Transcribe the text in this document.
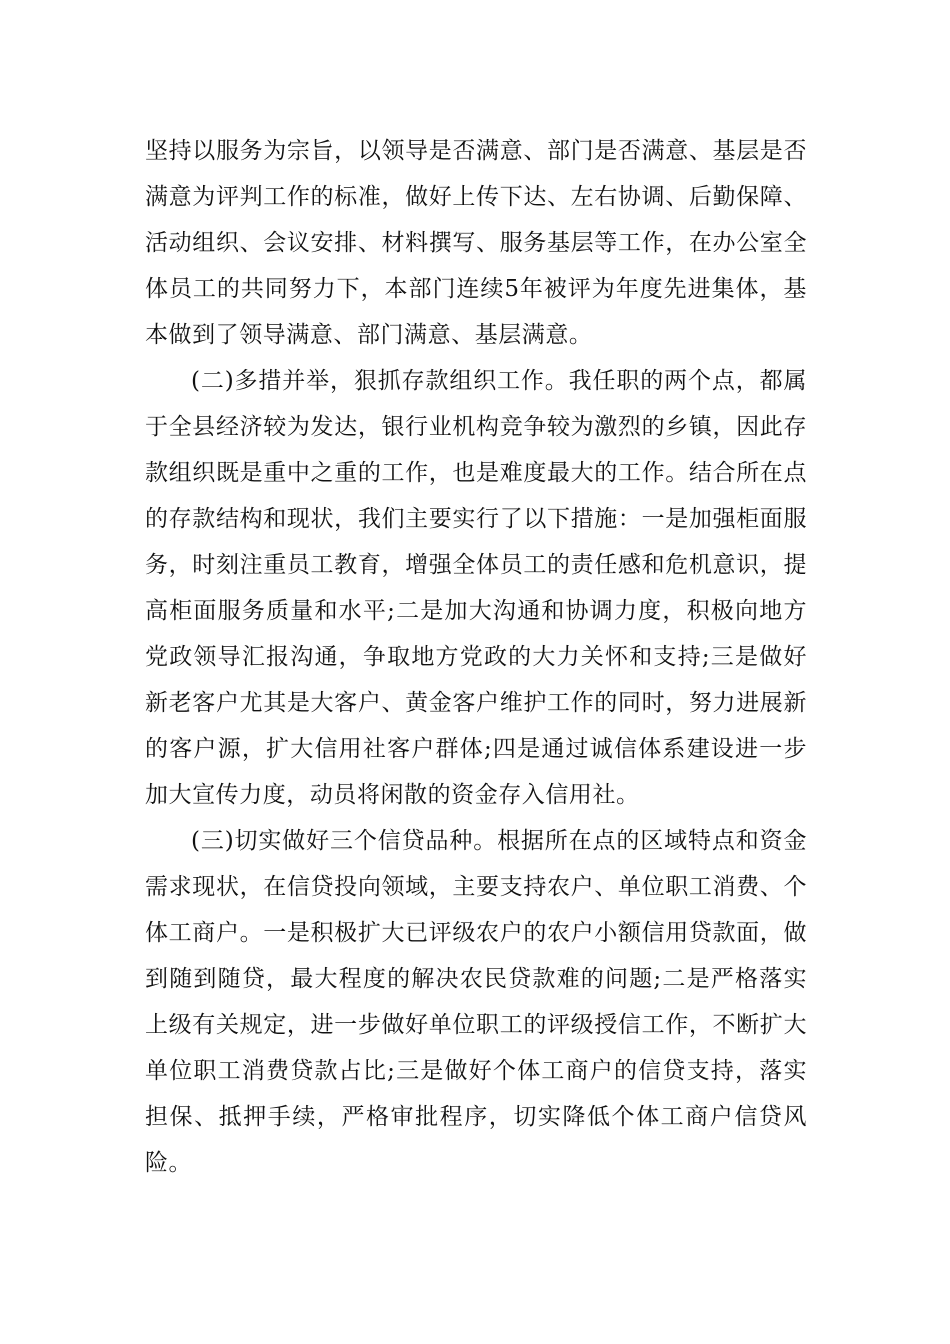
坚持以服务为宗旨，以领导是否满意、部门是否满意、基层是否满意为评判工作的标准，做好上传下达、左右协调、后勤保障、活动组织、会议安排、材料撰写、服务基层等工作，在办公室全体员工的共同努力下，本部门连续5年被评为年度先进集体，基本做到了领导满意、部门满意、基层满意。

(二)多措并举，狠抓存款组织工作。我任职的两个点，都属于全县经济较为发达，银行业机构竞争较为激烈的乡镇，因此存款组织既是重中之重的工作，也是难度最大的工作。结合所在点的存款结构和现状，我们主要实行了以下措施：一是加强柜面服务，时刻注重员工教育，增强全体员工的责任感和危机意识，提高柜面服务质量和水平;二是加大沟通和协调力度，积极向地方党政领导汇报沟通，争取地方党政的大力关怀和支持;三是做好新老客户尤其是大客户、黄金客户维护工作的同时，努力进展新的客户源，扩大信用社客户群体;四是通过诚信体系建设进一步加大宣传力度，动员将闲散的资金存入信用社。

(三)切实做好三个信贷品种。根据所在点的区域特点和资金需求现状，在信贷投向领域，主要支持农户、单位职工消费、个体工商户。一是积极扩大已评级农户的农户小额信用贷款面，做到随到随贷，最大程度的解决农民贷款难的问题;二是严格落实上级有关规定，进一步做好单位职工的评级授信工作，不断扩大单位职工消费贷款占比;三是做好个体工商户的信贷支持，落实担保、抵押手续，严格审批程序，切实降低个体工商户信贷风险。
